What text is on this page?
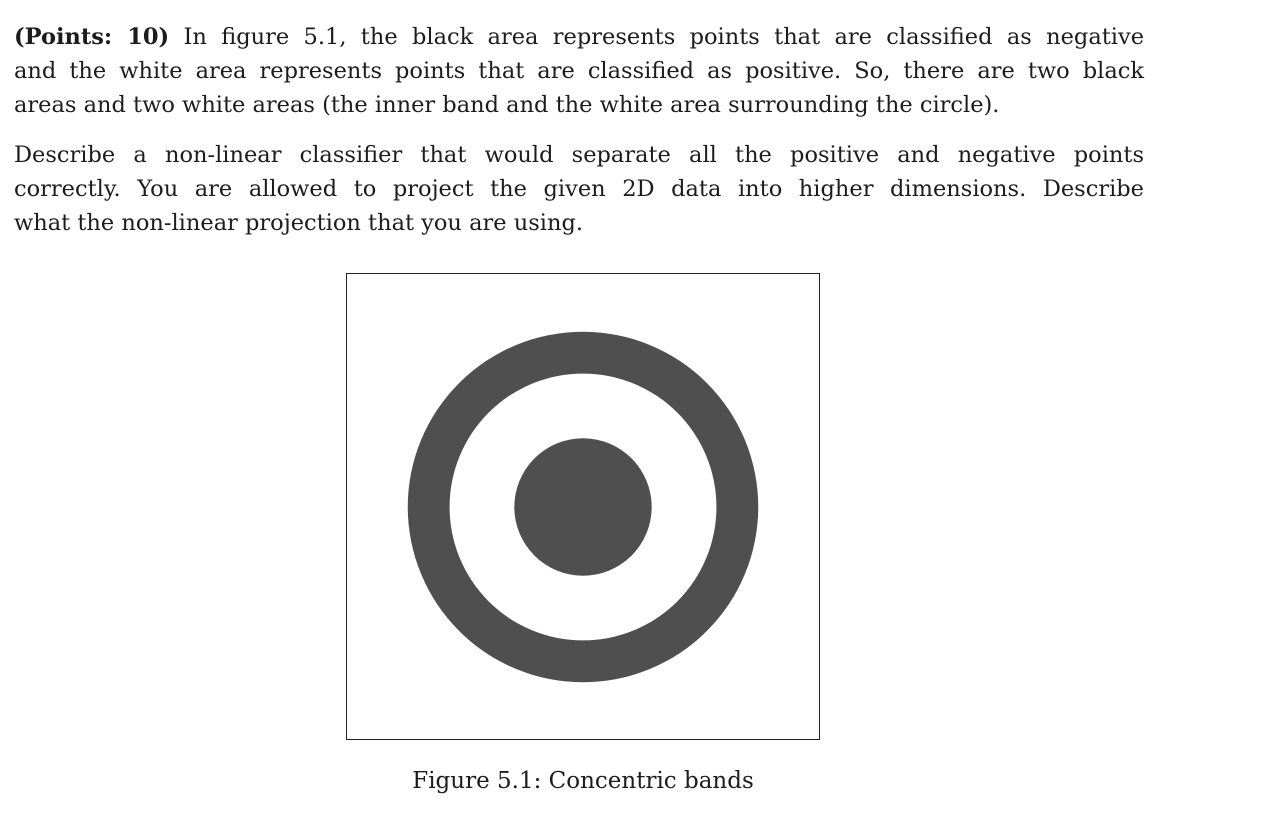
(Points: 10) In figure 5.1, the black area represents points that are classified as negative
and the white area represents points that are classified as positive. So, there are two black
areas and two white areas (the inner band and the white area surrounding the circle).

Describe a non-linear classifier that would separate all the positive and negative points
correctly. You are allowed to project the given 2D data into higher dimensions. Describe
what the non-linear projection that you are using.

Figure 5.1: Concentric bands
